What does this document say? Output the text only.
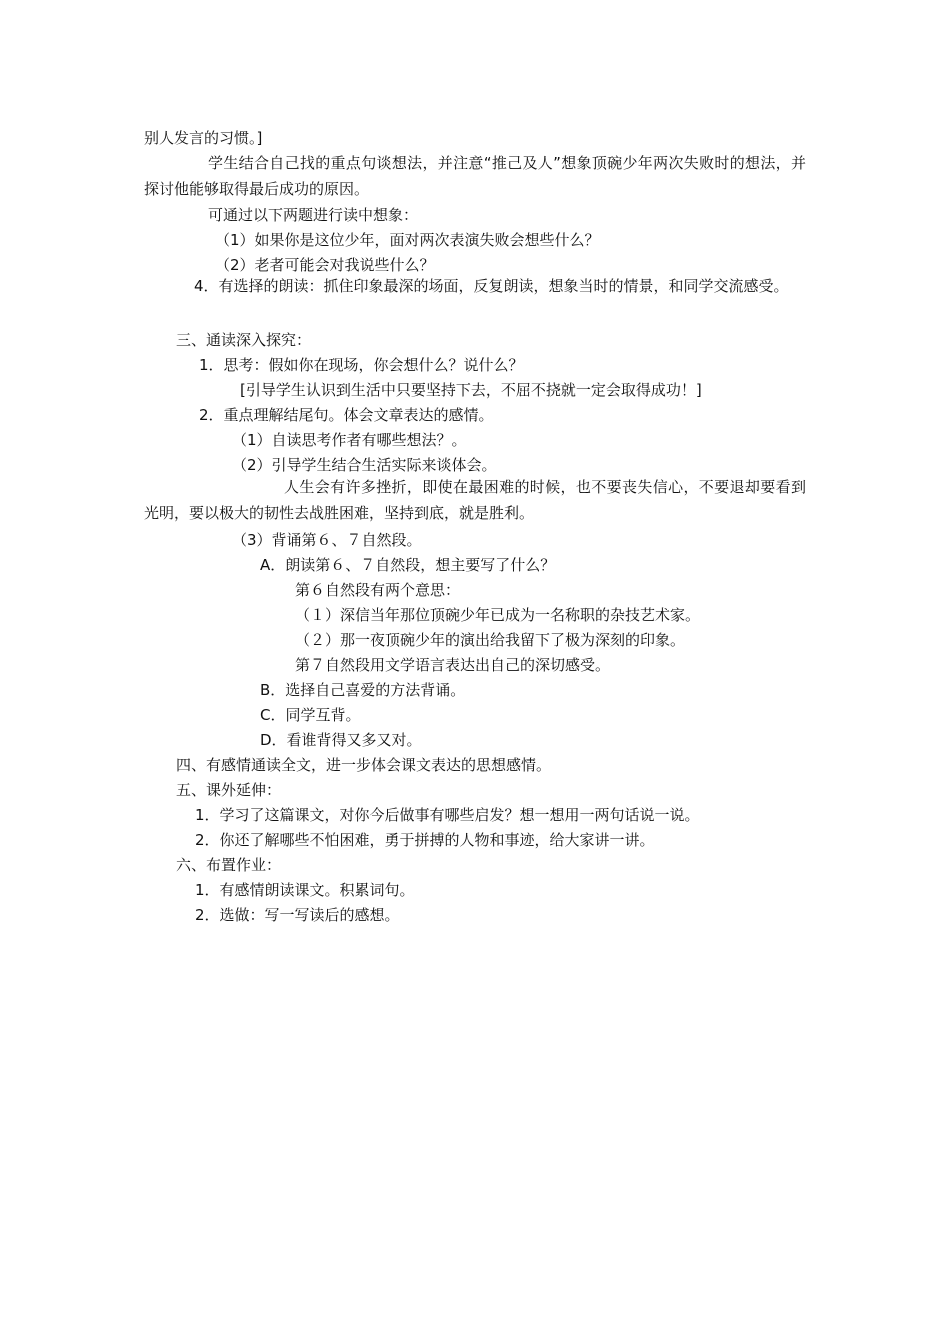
别人发言的习惯。]
学生结合自己找的重点句谈想法，并注意“推己及人”想象顶碗少年两次失败时的想法，并探讨他能够取得最后成功的原因。
可通过以下两题进行读中想象：
（1）如果你是这位少年，面对两次表演失败会想些什么？
（2）老者可能会对我说些什么？
4．有选择的朗读：抓住印象最深的场面，反复朗读，想象当时的情景，和同学交流感受。
三、通读深入探究：
1．思考：假如你在现场，你会想什么？说什么？
[引导学生认识到生活中只要坚持下去，不屈不挠就一定会取得成功！]
2．重点理解结尾句。体会文章表达的感情。
（1）自读思考作者有哪些想法？。
（2）引导学生结合生活实际来谈体会。
人生会有许多挫折，即使在最困难的时候，也不要丧失信心，不要退却要看到光明，要以极大的韧性去战胜困难，坚持到底，就是胜利。
（3）背诵第６、７自然段。
A．朗读第６、７自然段，想主要写了什么？
第６自然段有两个意思：
（１）深信当年那位顶碗少年已成为一名称职的杂技艺术家。
（２）那一夜顶碗少年的演出给我留下了极为深刻的印象。
第７自然段用文学语言表达出自己的深切感受。
B．选择自己喜爱的方法背诵。
C．同学互背。
D．看谁背得又多又对。
四、有感情通读全文，进一步体会课文表达的思想感情。
五、课外延伸：
1．学习了这篇课文，对你今后做事有哪些启发？想一想用一两句话说一说。
2．你还了解哪些不怕困难，勇于拼搏的人物和事迹，给大家讲一讲。
六、布置作业：
1．有感情朗读课文。积累词句。
2．选做：写一写读后的感想。
